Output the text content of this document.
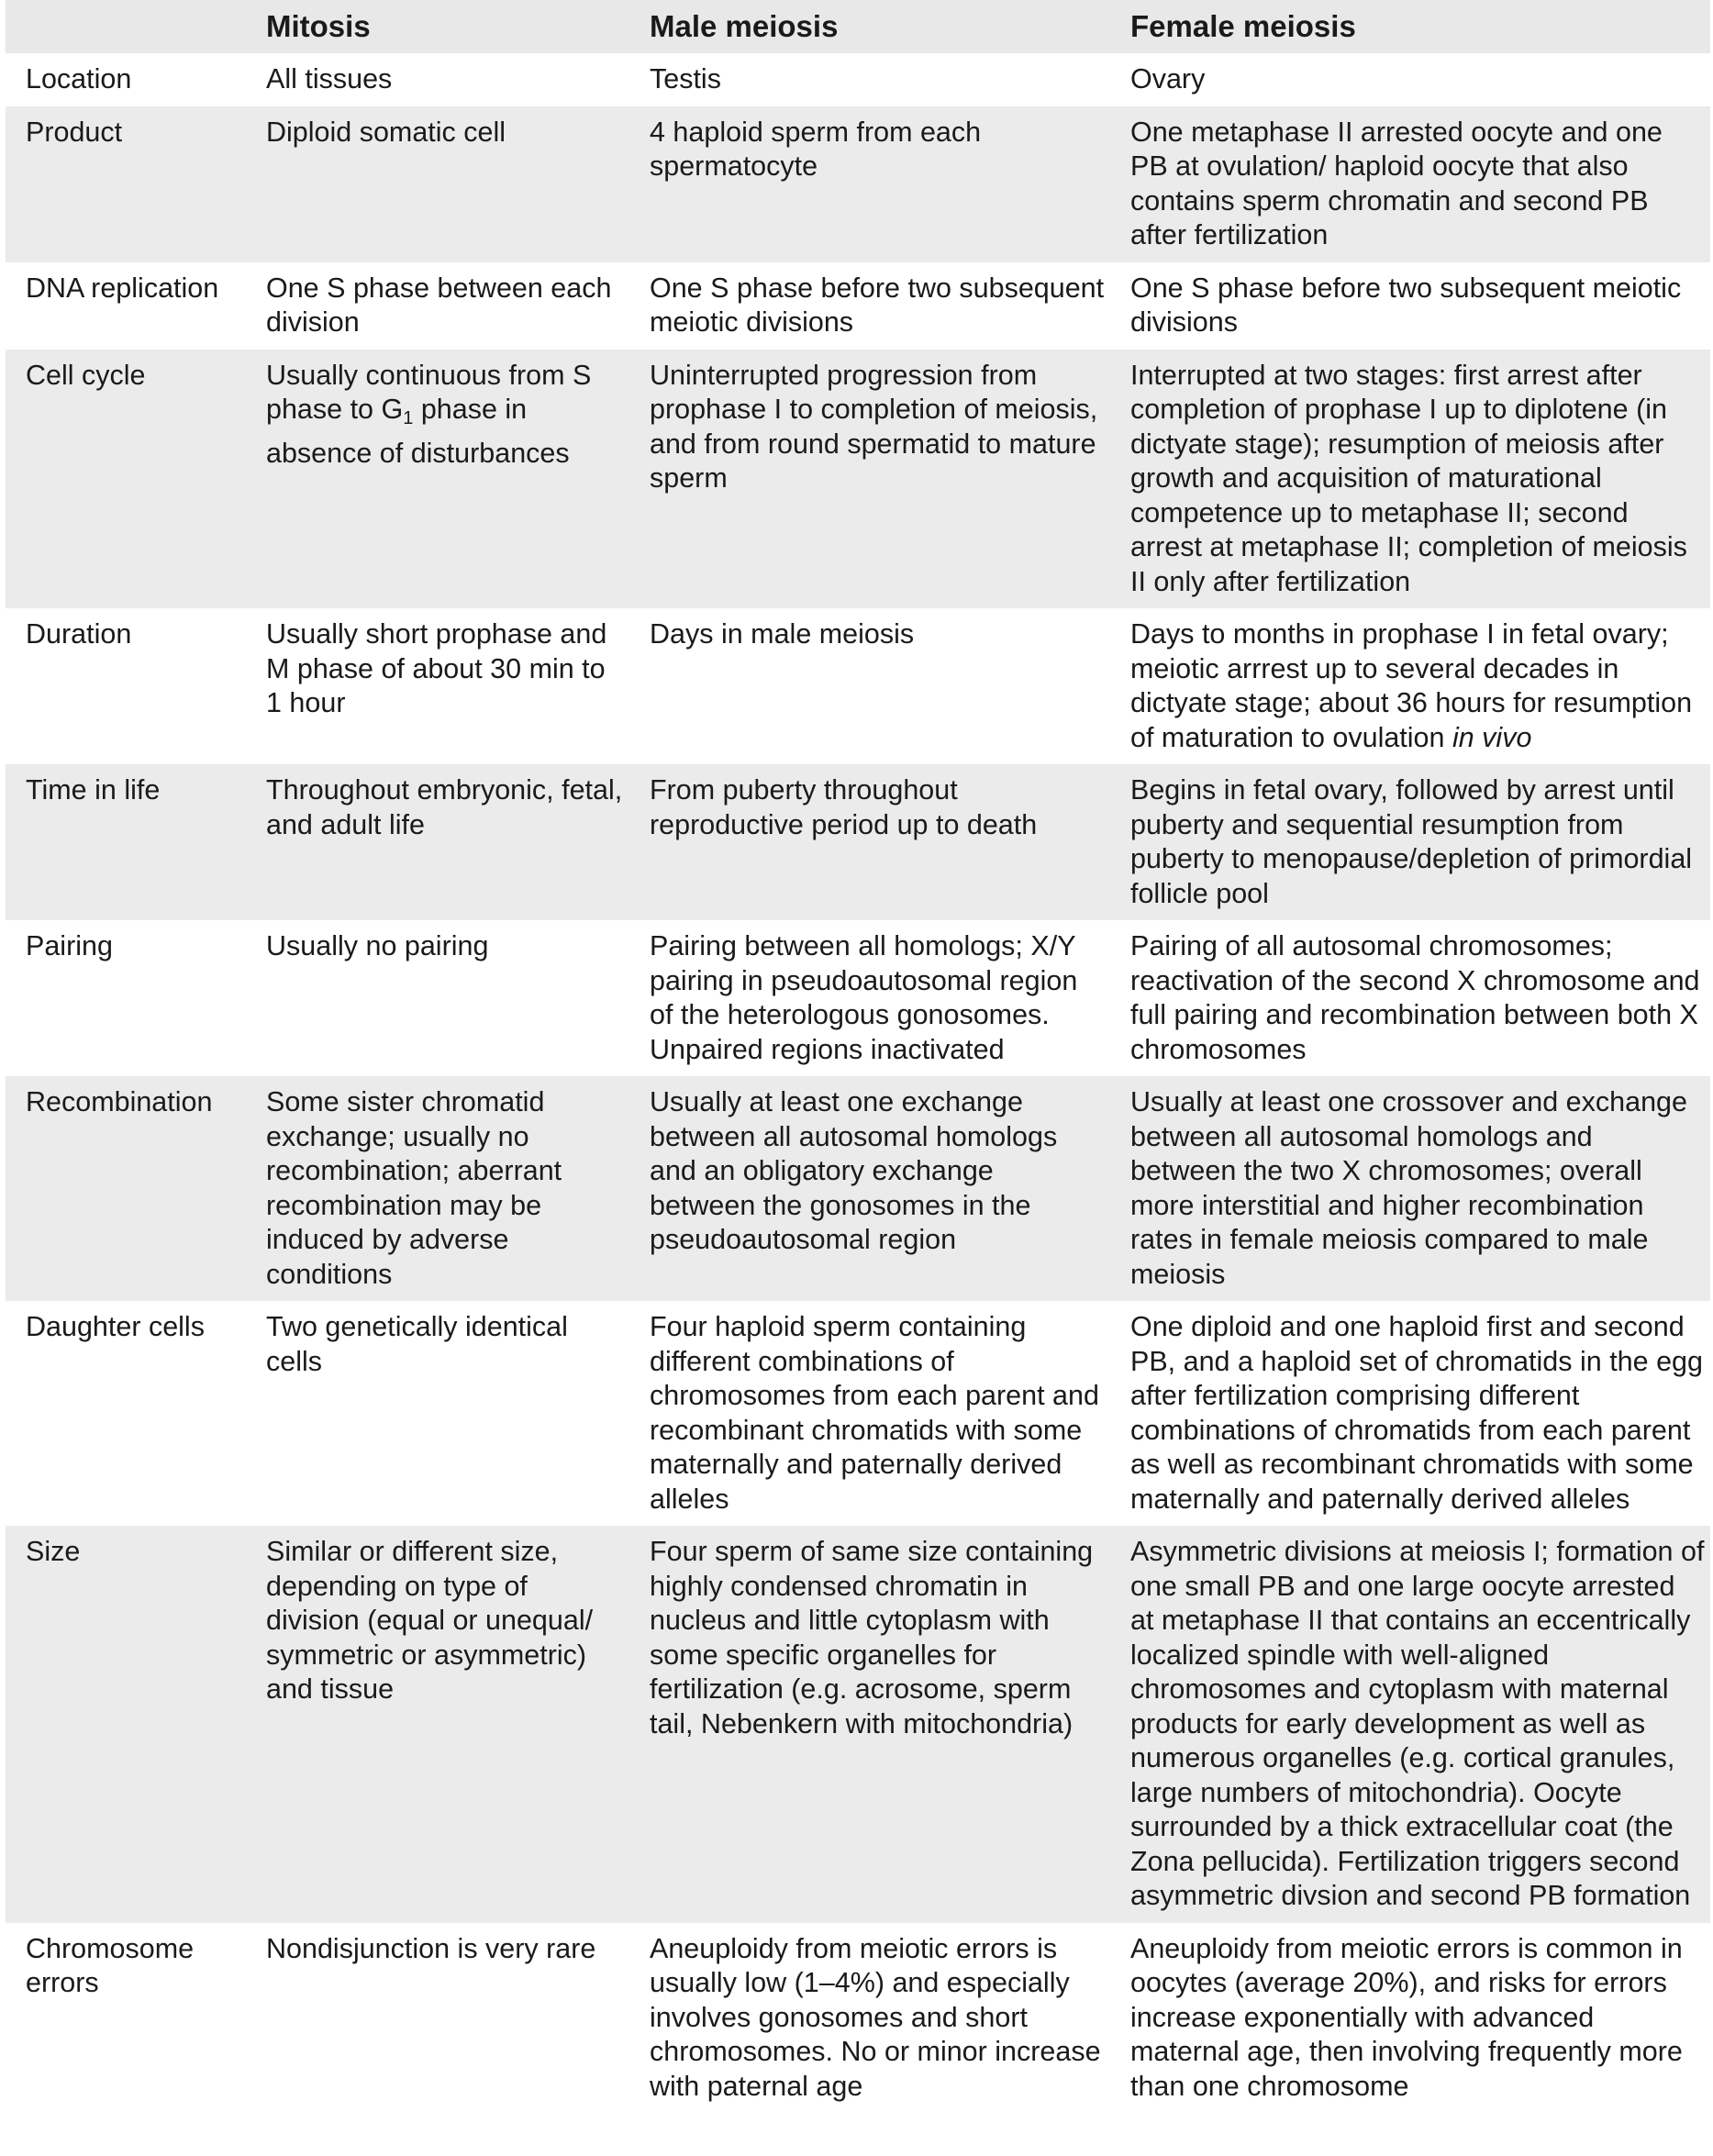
	Mitosis	Male meiosis	Female meiosis
Location	All tissues	Testis	Ovary
Product	Diploid somatic cell	4 haploid sperm from each spermatocyte	One metaphase II arrested oocyte and one PB at ovulation/ haploid oocyte that also contains sperm chromatin and second PB after fertilization
DNA replication	One S phase between each division	One S phase before two subsequent meiotic divisions	One S phase before two subsequent meiotic divisions
Cell cycle	Usually continuous from S phase to $G_1$ phase in absence of disturbances	Uninterrupted progression from prophase I to completion of meiosis, and from round spermatid to mature sperm	Interrupted at two stages: first arrest after completion of prophase I up to diplotene (in dictyate stage); resumption of meiosis after growth and acquisition of maturational competence up to metaphase II; second arrest at metaphase II; completion of meiosis II only after fertilization
Duration	Usually short prophase and M phase of about 30 min to 1 hour	Days in male meiosis	Days to months in prophase I in fetal ovary; meiotic arrrest up to several decades in dictyate stage; about 36 hours for resumption of maturation to ovulation in vivo
Time in life	Throughout embryonic, fetal, and adult life	From puberty throughout reproductive period up to death	Begins in fetal ovary, followed by arrest until puberty and sequential resumption from puberty to menopause/depletion of primordial follicle pool
Pairing	Usually no pairing	Pairing between all homologs; X/Y pairing in pseudoautosomal region of the heterologous gonosomes. Unpaired regions inactivated	Pairing of all autosomal chromosomes; reactivation of the second X chromosome and full pairing and recombination between both X chromosomes
Recombination	Some sister chromatid exchange; usually no recombination; aberrant recombination may be induced by adverse conditions	Usually at least one exchange between all autosomal homologs and an obligatory exchange between the gonosomes in the pseudoautosomal region	Usually at least one crossover and exchange between all autosomal homologs and between the two X chromosomes; overall more interstitial and higher recombination rates in female meiosis compared to male meiosis
Daughter cells	Two genetically identical cells	Four haploid sperm containing different combinations of chromosomes from each parent and recombinant chromatids with some maternally and paternally derived alleles	One diploid and one haploid first and second PB, and a haploid set of chromatids in the egg after fertilization comprising different combinations of chromatids from each parent as well as recombinant chromatids with some maternally and paternally derived alleles
Size	Similar or different size, depending on type of division (equal or unequal/ symmetric or asymmetric) and tissue	Four sperm of same size containing highly condensed chromatin in nucleus and little cytoplasm with some specific organelles for fertilization (e.g. acrosome, sperm tail, Nebenkern with mitochondria)	Asymmetric divisions at meiosis I; formation of one small PB and one large oocyte arrested at metaphase II that contains an eccentrically localized spindle with well-aligned chromosomes and cytoplasm with maternal products for early development as well as numerous organelles (e.g. cortical granules, large numbers of mitochondria). Oocyte surrounded by a thick extracellular coat (the Zona pellucida). Fertilization triggers second asymmetric divsion and second PB formation
Chromosome errors	Nondisjunction is very rare	Aneuploidy from meiotic errors is usually low (1–4%) and especially involves gonosomes and short chromosomes. No or minor increase with paternal age	Aneuploidy from meiotic errors is common in oocytes (average 20%), and risks for errors increase exponentially with advanced maternal age, then involving frequently more than one chromosome
